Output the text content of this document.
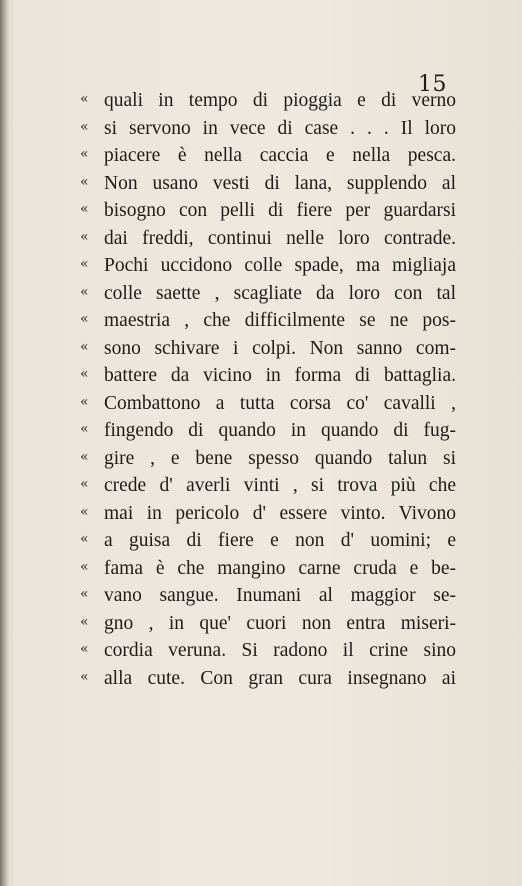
15
« quali in tempo di pioggia e di verno
« si servono in vece di case . . . Il loro
« piacere è nella caccia e nella pesca.
« Non usano vesti di lana, supplendo al
« bisogno con pelli di fiere per guardarsi
« dai freddi, continui nelle loro contrade.
« Pochi uccidono colle spade, ma migliaja
« colle saette , scagliate da loro con tal
« maestria , che difficilmente se ne pos-
« sono schivare i colpi. Non sanno com-
« battere da vicino in forma di battaglia.
« Combattono a tutta corsa co' cavalli ,
« fingendo di quando in quando di fug-
« gire , e bene spesso quando talun si
« crede d' averli vinti , si trova più che
« mai in pericolo d' essere vinto. Vivono
« a guisa di fiere e non d' uomini; e
« fama è che mangino carne cruda e be-
« vano sangue. Inumani al maggior se-
« gno , in que' cuori non entra miseri-
« cordia veruna. Si radono il crine sino
« alla cute. Con gran cura insegnano ai
